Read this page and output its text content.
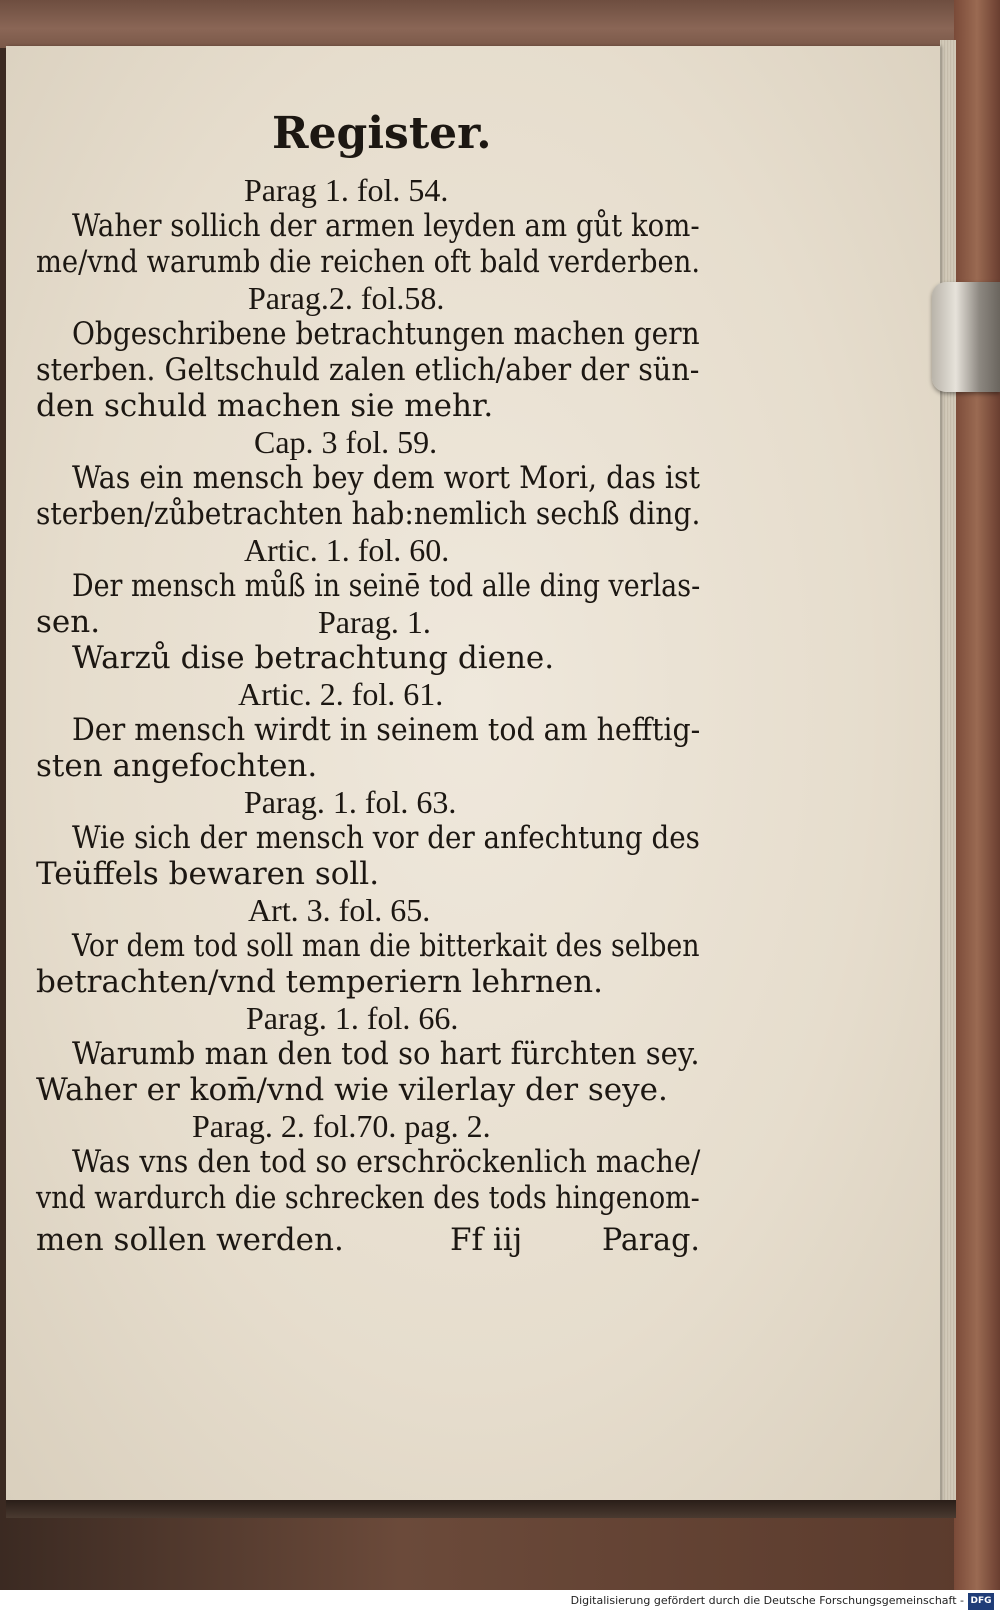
Register.
Parag 1. fol. 54.
Waher sollich der armen leyden am gůt kom-
me/vnd warumb die reichen oft bald verderben.
Parag.2. fol.58.
Obgeschribene betrachtungen machen gern
sterben. Geltschuld zalen etlich/aber der sün-
den schuld machen sie mehr.
Cap. 3 fol. 59.
Was ein mensch bey dem wort Mori, das ist
sterben/zůbetrachten hab:nemlich sechß ding.
Artic. 1. fol. 60.
Der mensch můß in seinē tod alle ding verlas-
sen.	Parag. 1.
Warzů dise betrachtung diene.
Artic. 2. fol. 61.
Der mensch wirdt in seinem tod am hefftig-
sten angefochten.
Parag. 1. fol. 63.
Wie sich der mensch vor der anfechtung des
Teüffels bewaren soll.
Art. 3. fol. 65.
Vor dem tod soll man die bitterkait des selben
betrachten/vnd temperiern lehrnen.
Parag. 1. fol. 66.
Warumb man den tod so hart fürchten sey.
Waher er kom̄/vnd wie vilerlay der seye.
Parag. 2. fol.70. pag. 2.
Was vns den tod so erschröckenlich mache/
vnd wardurch die schrecken des tods hingenom-
men sollen werden.	Ff iij	Parag.
Digitalisierung gefördert durch die Deutsche Forschungsgemeinschaft - DFG
